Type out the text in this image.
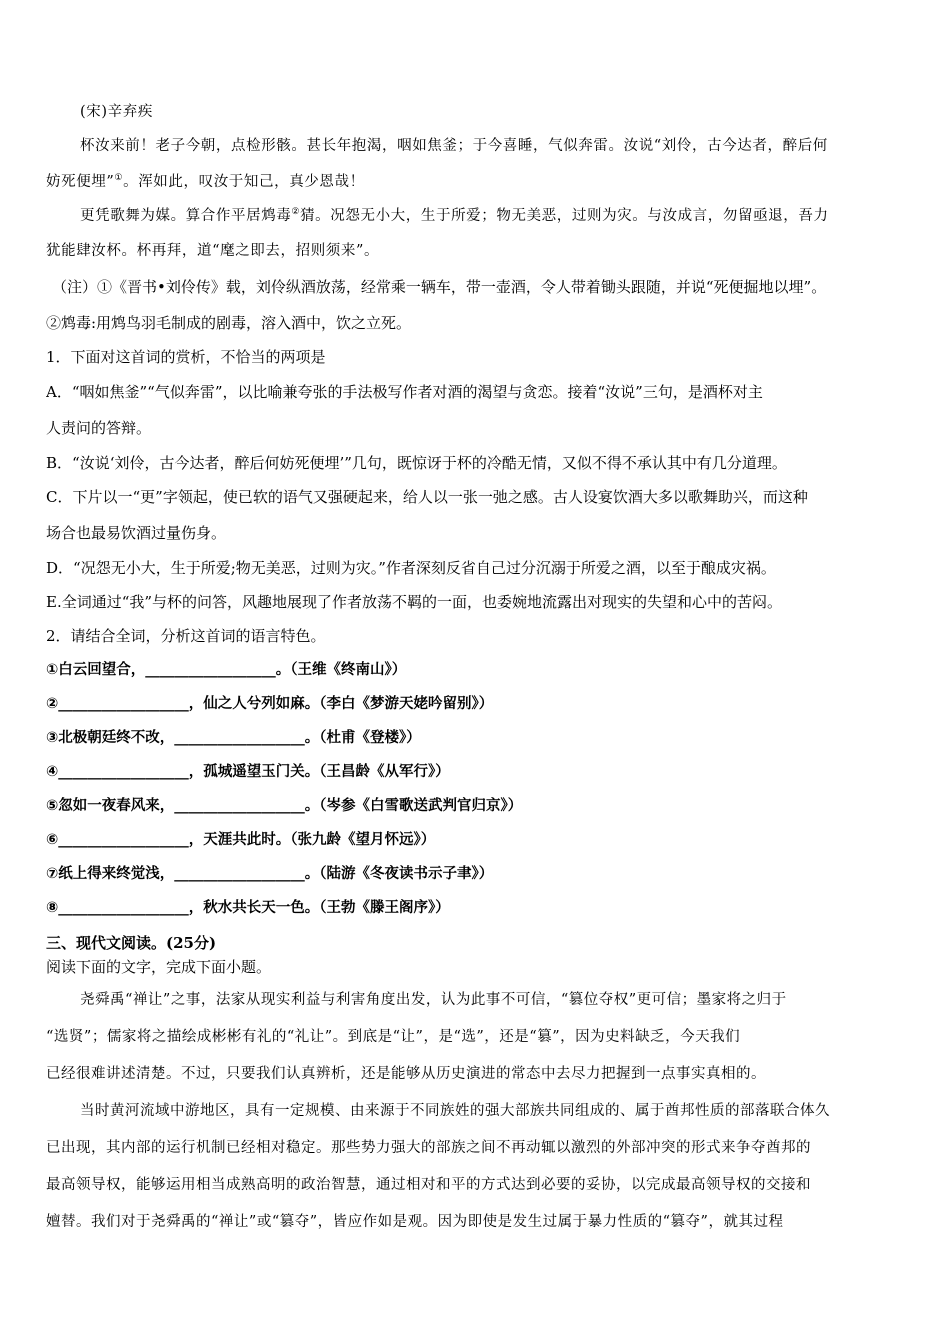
(宋)辛弃疾
杯汝来前！老子今朝，点检形骸。甚长年抱渴，咽如焦釜；于今喜睡，气似奔雷。汝说“刘伶，古今达者，醉后何
妨死便埋”①。浑如此，叹汝于知己，真少恩哉！
更凭歌舞为媒。算合作平居鸩毒②猜。况怨无小大，生于所爱；物无美恶，过则为灾。与汝成言，勿留亟退，吾力
犹能肆汝杯。杯再拜，道“麾之即去，招则须来”。
（注）①《晋书•刘伶传》载，刘伶纵酒放荡，经常乘一辆车，带一壶酒，令人带着锄头跟随，并说“死便掘地以埋”。
②鸩毒:用鸩鸟羽毛制成的剧毒，溶入酒中，饮之立死。
1．下面对这首词的赏析，不恰当的两项是
A．“咽如焦釜”“气似奔雷”，以比喻兼夸张的手法极写作者对酒的渴望与贪恋。接着“汝说”三句，是酒杯对主
人责问的答辩。
B．“汝说‘刘伶，古今达者，醉后何妨死便埋’”几句，既惊讶于杯的冷酷无情，又似不得不承认其中有几分道理。
C．下片以一“更”字领起，使已软的语气又强硬起来，给人以一张一弛之感。古人设宴饮酒大多以歌舞助兴，而这种
场合也最易饮酒过量伤身。
D．“况怨无小大，生于所爱;物无美恶，过则为灾。”作者深刻反省自己过分沉溺于所爱之酒，以至于酿成灾祸。
E.全词通过“我”与杯的问答，风趣地展现了作者放荡不羁的一面，也委婉地流露出对现实的失望和心中的苦闷。
2．请结合全词，分析这首词的语言特色。
①白云回望合，__________________。（王维《终南山》）
②__________________，仙之人兮列如麻。（李白《梦游天姥吟留别》）
③北极朝廷终不改，__________________。（杜甫《登楼》）
④__________________，孤城遥望玉门关。（王昌龄《从军行》）
⑤忽如一夜春风来，__________________。（岑参《白雪歌送武判官归京》）
⑥__________________，天涯共此时。（张九龄《望月怀远》）
⑦纸上得来终觉浅，__________________。（陆游《冬夜读书示子聿》）
⑧__________________，秋水共长天一色。（王勃《滕王阁序》）
三、现代文阅读。(25分)
阅读下面的文字，完成下面小题。
尧舜禹“禅让”之事，法家从现实利益与利害角度出发，认为此事不可信，“篡位夺权”更可信；墨家将之归于
“选贤”；儒家将之描绘成彬彬有礼的“礼让”。到底是“让”，是“选”，还是“篡”，因为史料缺乏，今天我们
已经很难讲述清楚。不过，只要我们认真辨析，还是能够从历史演进的常态中去尽力把握到一点事实真相的。
当时黄河流域中游地区，具有一定规模、由来源于不同族姓的强大部族共同组成的、属于酋邦性质的部落联合体久
已出现，其内部的运行机制已经相对稳定。那些势力强大的部族之间不再动辄以激烈的外部冲突的形式来争夺酋邦的
最高领导权，能够运用相当成熟高明的政治智慧，通过相对和平的方式达到必要的妥协，以完成最高领导权的交接和
嬗替。我们对于尧舜禹的“禅让”或“篡夺”，皆应作如是观。因为即使是发生过属于暴力性质的“篡夺”，就其过程
